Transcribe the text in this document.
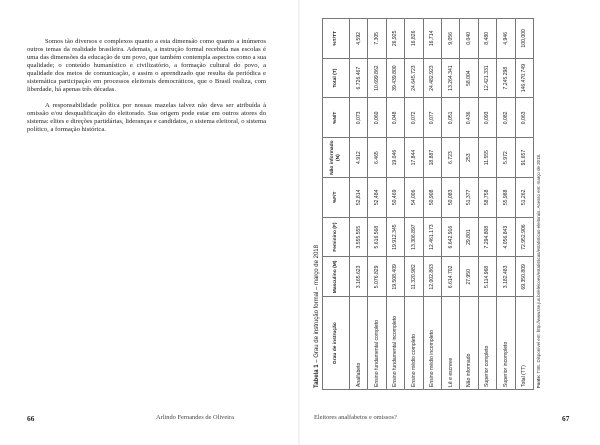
Somos tão diversos e complexos quanto a esta dimensão como quanto a inúmeros outros temas da realidade brasileira. Ademais, a instrução formal recebida nas escolas é uma das dimensões da educação de um povo, que também contempla aspectos como a sua qualidade; o conteúdo humanístico e civilizatório, a formação cultural do povo, a qualidade dos meios de comunicação, e assim o aprendizado que resulta da periódica e sistemática participação em processos eleitorais democráticos, que o Brasil realiza, com liberdade, há apenas três décadas.

A responsabilidade política por nossas mazelas talvez não deva ser atribuída à omissão e/ou desqualificação do eleitorado. Sua origem pode estar em outros atores do sistema: elites e direções partidárias, lideranças e candidatos, o sistema eleitoral, o sistema político, a formação histórica.

66	Arlindo Fernandes de Oliveira
Tabela 1 – Grau de instrução formal – março de 2018	Grau de instrução	Masculino (M)	Feminino (F)	%F/T	Não informado (N)	%N/T	Total (T)	%T/TT
Analfabeto	3.165.623	3.555.555	52,814	4.912	0,073	6.726.467	4,592
Ensino fundamental completo	5.076.829	5.616.568	52,484	6.465	0,060	10.699.862	7,305
Ensino fundamental incompleto	19.508.409	19.912.345	50,469	19.046	0,048	39.439.800	26,925
Ensino médio completo	11.320.982	13.306.897	54,006	17.844	0,072	24.645.723	16,826
Ensino médio incompleto	12.002.863	12.461.173	50,908	18.887	0,077	24.482.923	16,714
Lê e escreve	6.614.702	6.642.916	50,083	6.723	0,051	13.264.341	9,056
Não informado	27.950	29.801	51,377	253	0,436	58.004	0,040
Superior completo	5.114.968	7.294.808	58,758	11.555	0,093	12.421.331	8,480
Superior incompleto	3.182.483	4.056.843	55,988	5.972	0,082	7.245.298	4,946
Total (TT)	69.350.809	72.952.906	51,262	91.657	0,063	146.470.749	100,000
Fonte: TSE. Disponível em: http://www.tse.jus.br/eleicoes/estatisticas/estatisticas-eleitorais. Acesso em: março de 2018.
Eleitores analfabetos e omissos?	67
